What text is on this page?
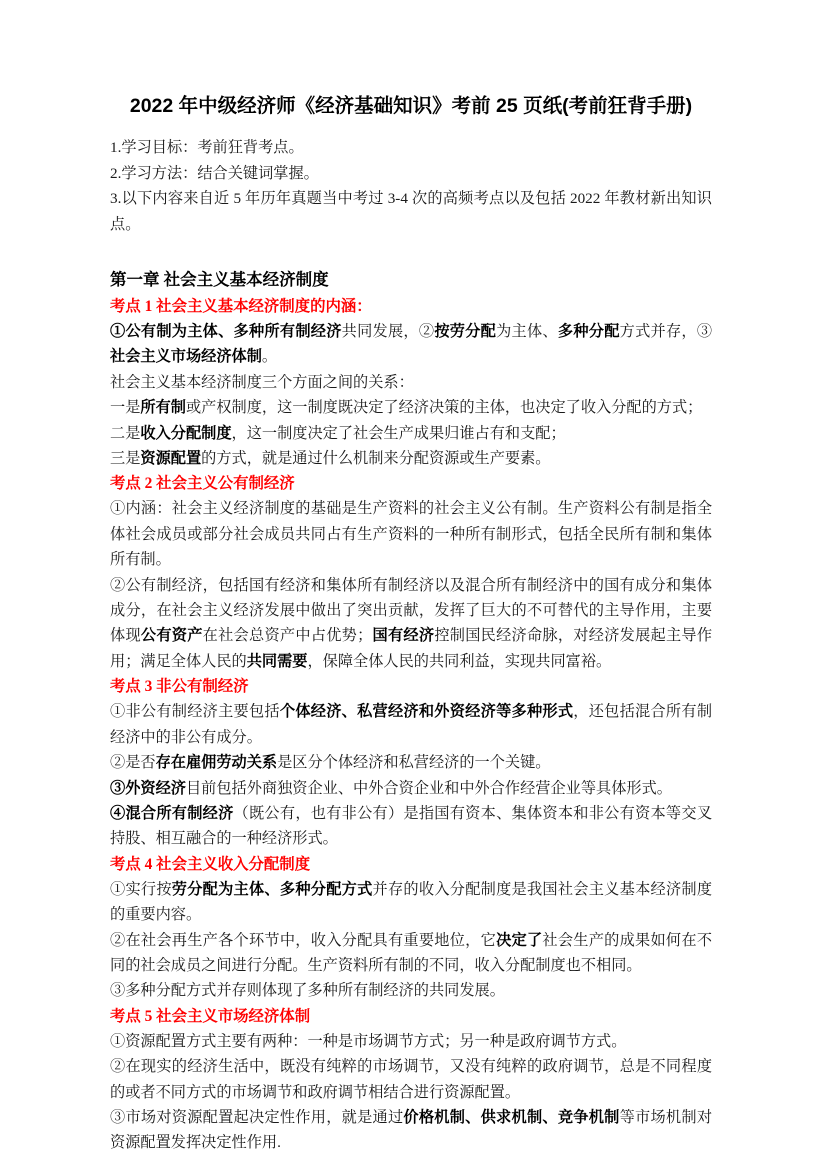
2022 年中级经济师《经济基础知识》考前 25 页纸(考前狂背手册)

1.学习目标：考前狂背考点。

2.学习方法：结合关键词掌握。

3.以下内容来自近 5 年历年真题当中考过 3-4 次的高频考点以及包括 2022 年教材新出知识点。

第一章 社会主义基本经济制度
考点 1 社会主义基本经济制度的内涵：

①公有制为主体、多种所有制经济共同发展，②按劳分配为主体、多种分配方式并存，③社会主义市场经济体制。

社会主义基本经济制度三个方面之间的关系：

一是所有制或产权制度，这一制度既决定了经济决策的主体，也决定了收入分配的方式；

二是收入分配制度，这一制度决定了社会生产成果归谁占有和支配；

三是资源配置的方式，就是通过什么机制来分配资源或生产要素。

考点 2 社会主义公有制经济

①内涵：社会主义经济制度的基础是生产资料的社会主义公有制。生产资料公有制是指全体社会成员或部分社会成员共同占有生产资料的一种所有制形式，包括全民所有制和集体所有制。

②公有制经济，包括国有经济和集体所有制经济以及混合所有制经济中的国有成分和集体成分，在社会主义经济发展中做出了突出贡献，发挥了巨大的不可替代的主导作用，主要体现公有资产在社会总资产中占优势；国有经济控制国民经济命脉，对经济发展起主导作用；满足全体人民的共同需要，保障全体人民的共同利益，实现共同富裕。

考点 3 非公有制经济

①非公有制经济主要包括个体经济、私营经济和外资经济等多种形式，还包括混合所有制经济中的非公有成分。

②是否存在雇佣劳动关系是区分个体经济和私营经济的一个关键。

③外资经济目前包括外商独资企业、中外合资企业和中外合作经营企业等具体形式。

④混合所有制经济（既公有，也有非公有）是指国有资本、集体资本和非公有资本等交叉持股、相互融合的一种经济形式。

考点 4 社会主义收入分配制度

①实行按劳分配为主体、多种分配方式并存的收入分配制度是我国社会主义基本经济制度的重要内容。

②在社会再生产各个环节中，收入分配具有重要地位，它决定了社会生产的成果如何在不同的社会成员之间进行分配。生产资料所有制的不同，收入分配制度也不相同。

③多种分配方式并存则体现了多种所有制经济的共同发展。

考点 5 社会主义市场经济体制

①资源配置方式主要有两种：一种是市场调节方式；另一种是政府调节方式。

②在现实的经济生活中，既没有纯粹的市场调节，又没有纯粹的政府调节，总是不同程度的或者不同方式的市场调节和政府调节相结合进行资源配置。

③市场对资源配置起决定性作用，就是通过价格机制、供求机制、竞争机制等市场机制对资源配置发挥决定性作用.
